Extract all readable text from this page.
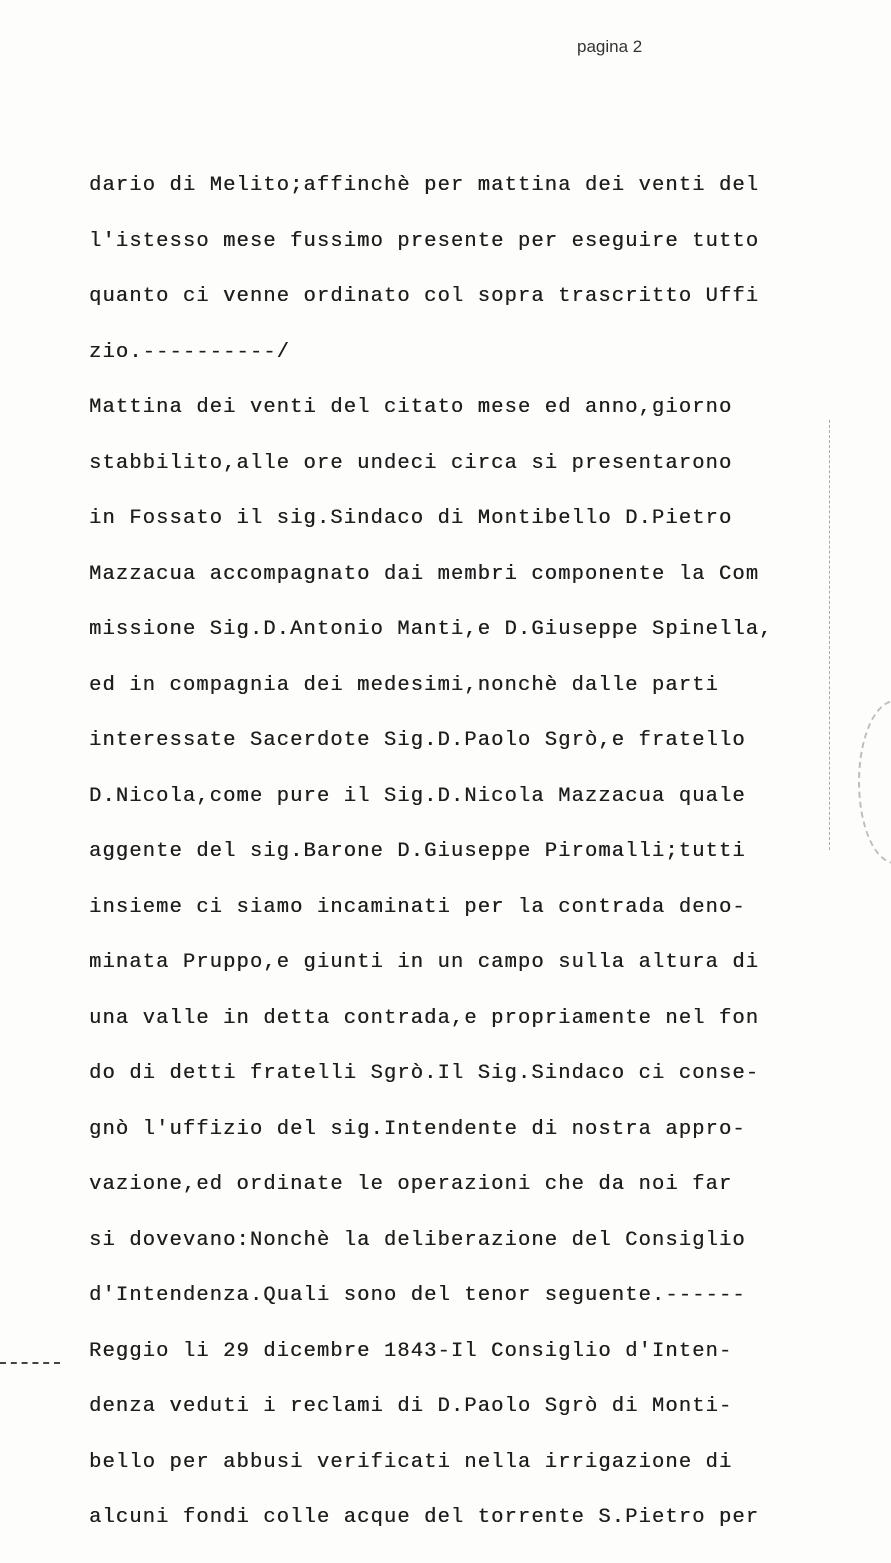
pagina 2
dario di Melito;affinchè per mattina dei venti del
l'istesso mese fussimo presente per eseguire tutto
quanto ci venne ordinato col sopra trascritto Uffi
zio.----------/
Mattina dei venti del citato mese ed anno,giorno
stabbilito,alle ore undeci circa si presentarono
in Fossato il sig.Sindaco di Montibello D.Pietro
Mazzacua accompagnato dai membri componente la Com
missione Sig.D.Antonio Manti,e D.Giuseppe Spinella,
ed in compagnia dei medesimi,nonchè dalle parti
interessate Sacerdote Sig.D.Paolo Sgrò,e fratello
D.Nicola,come pure il Sig.D.Nicola Mazzacua quale
aggente del sig.Barone D.Giuseppe Piromalli;tutti
insieme ci siamo incaminati per la contrada deno-
minata Pruppo,e giunti in un campo sulla altura di
una valle in detta contrada,e propriamente nel fon
do di detti fratelli Sgrò.Il Sig.Sindaco ci conse-
gnò l'uffizio del sig.Intendente di nostra appro-
vazione,ed ordinate le operazioni che da noi far
si dovevano:Nonchè la deliberazione del Consiglio
d'Intendenza.Quali sono del tenor seguente.------
Reggio li 29 dicembre 1843-Il Consiglio d'Inten-
denza veduti i reclami di D.Paolo Sgrò di Monti-
bello per abbusi verificati nella irrigazione di
alcuni fondi colle acque del torrente S.Pietro per
